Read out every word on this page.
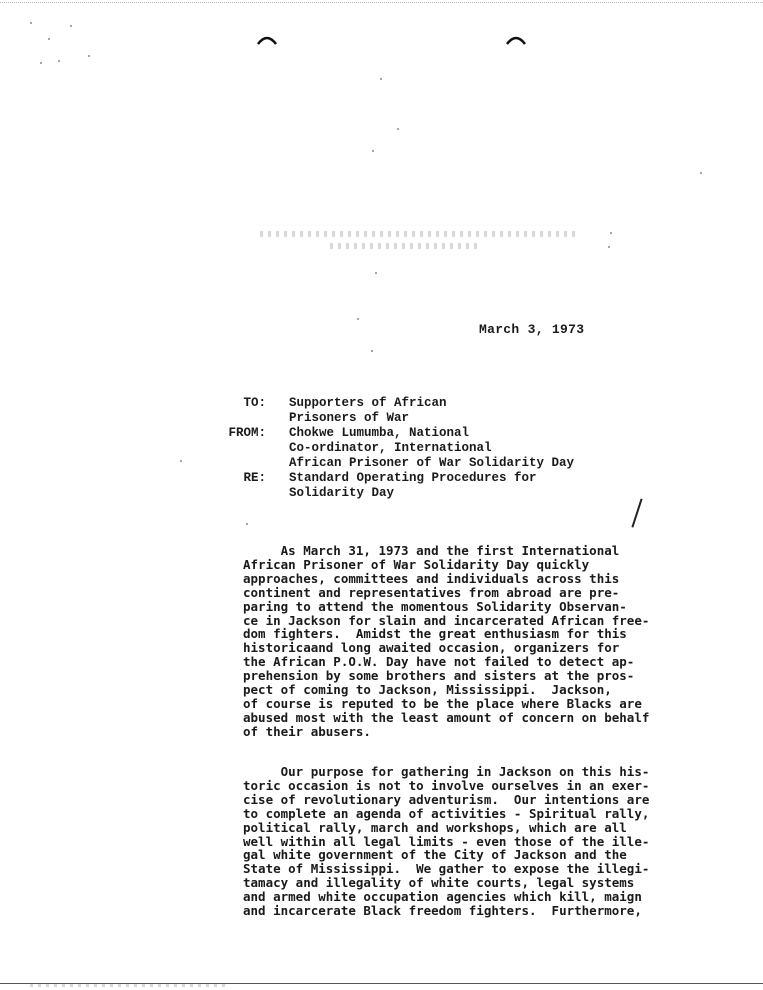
March 3, 1973
TO: Supporters of African
Prisoners of War
FROM: Chokwe Lumumba, National
Co-ordinator, International
African Prisoner of War Solidarity Day
RE: Standard Operating Procedures for
Solidarity Day
As March 31, 1973 and the first International
African Prisoner of War Solidarity Day quickly
approaches, committees and individuals across this
continent and representatives from abroad are pre-
paring to attend the momentous Solidarity Observan-
ce in Jackson for slain and incarcerated African free-
dom fighters.  Amidst the great enthusiasm for this
historicaand long awaited occasion, organizers for
the African P.O.W. Day have not failed to detect ap-
prehension by some brothers and sisters at the pros-
pect of coming to Jackson, Mississippi.  Jackson,
of course is reputed to be the place where Blacks are
abused most with the least amount of concern on behalf
of their abusers.
Our purpose for gathering in Jackson on this his-
toric occasion is not to involve ourselves in an exer-
cise of revolutionary adventurism.  Our intentions are
to complete an agenda of activities - Spiritual rally,
political rally, march and workshops, which are all
well within all legal limits - even those of the ille-
gal white government of the City of Jackson and the
State of Mississippi.  We gather to expose the illegi-
tamacy and illegality of white courts, legal systems
and armed white occupation agencies which kill, maign
and incarcerate Black freedom fighters.  Furthermore,
